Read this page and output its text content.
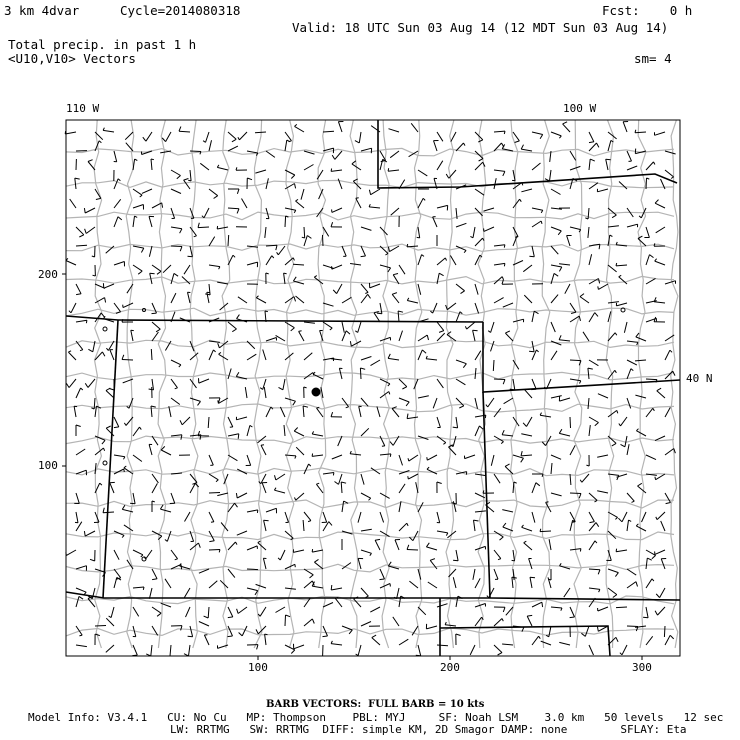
3 km 4dvar	Cycle=2014080318	Fcst:    0 h
Valid: 18 UTC Sun 03 Aug 14 (12 MDT Sun 03 Aug 14)
Total precip. in past 1 h
<U10,V10> Vectors	sm= 4
110 W	100 W
40 N
200
100
100	200	300
BARB VECTORS:  FULL BARB = 10 kts
Model Info: V3.4.1   CU: No Cu   MP: Thompson    PBL: MYJ     SF: Noah LSM    3.0 km   50 levels   12 sec
LW: RRTMG   SW: RRTMG  DIFF: simple KM, 2D Smagor DAMP: none        SFLAY: Eta
